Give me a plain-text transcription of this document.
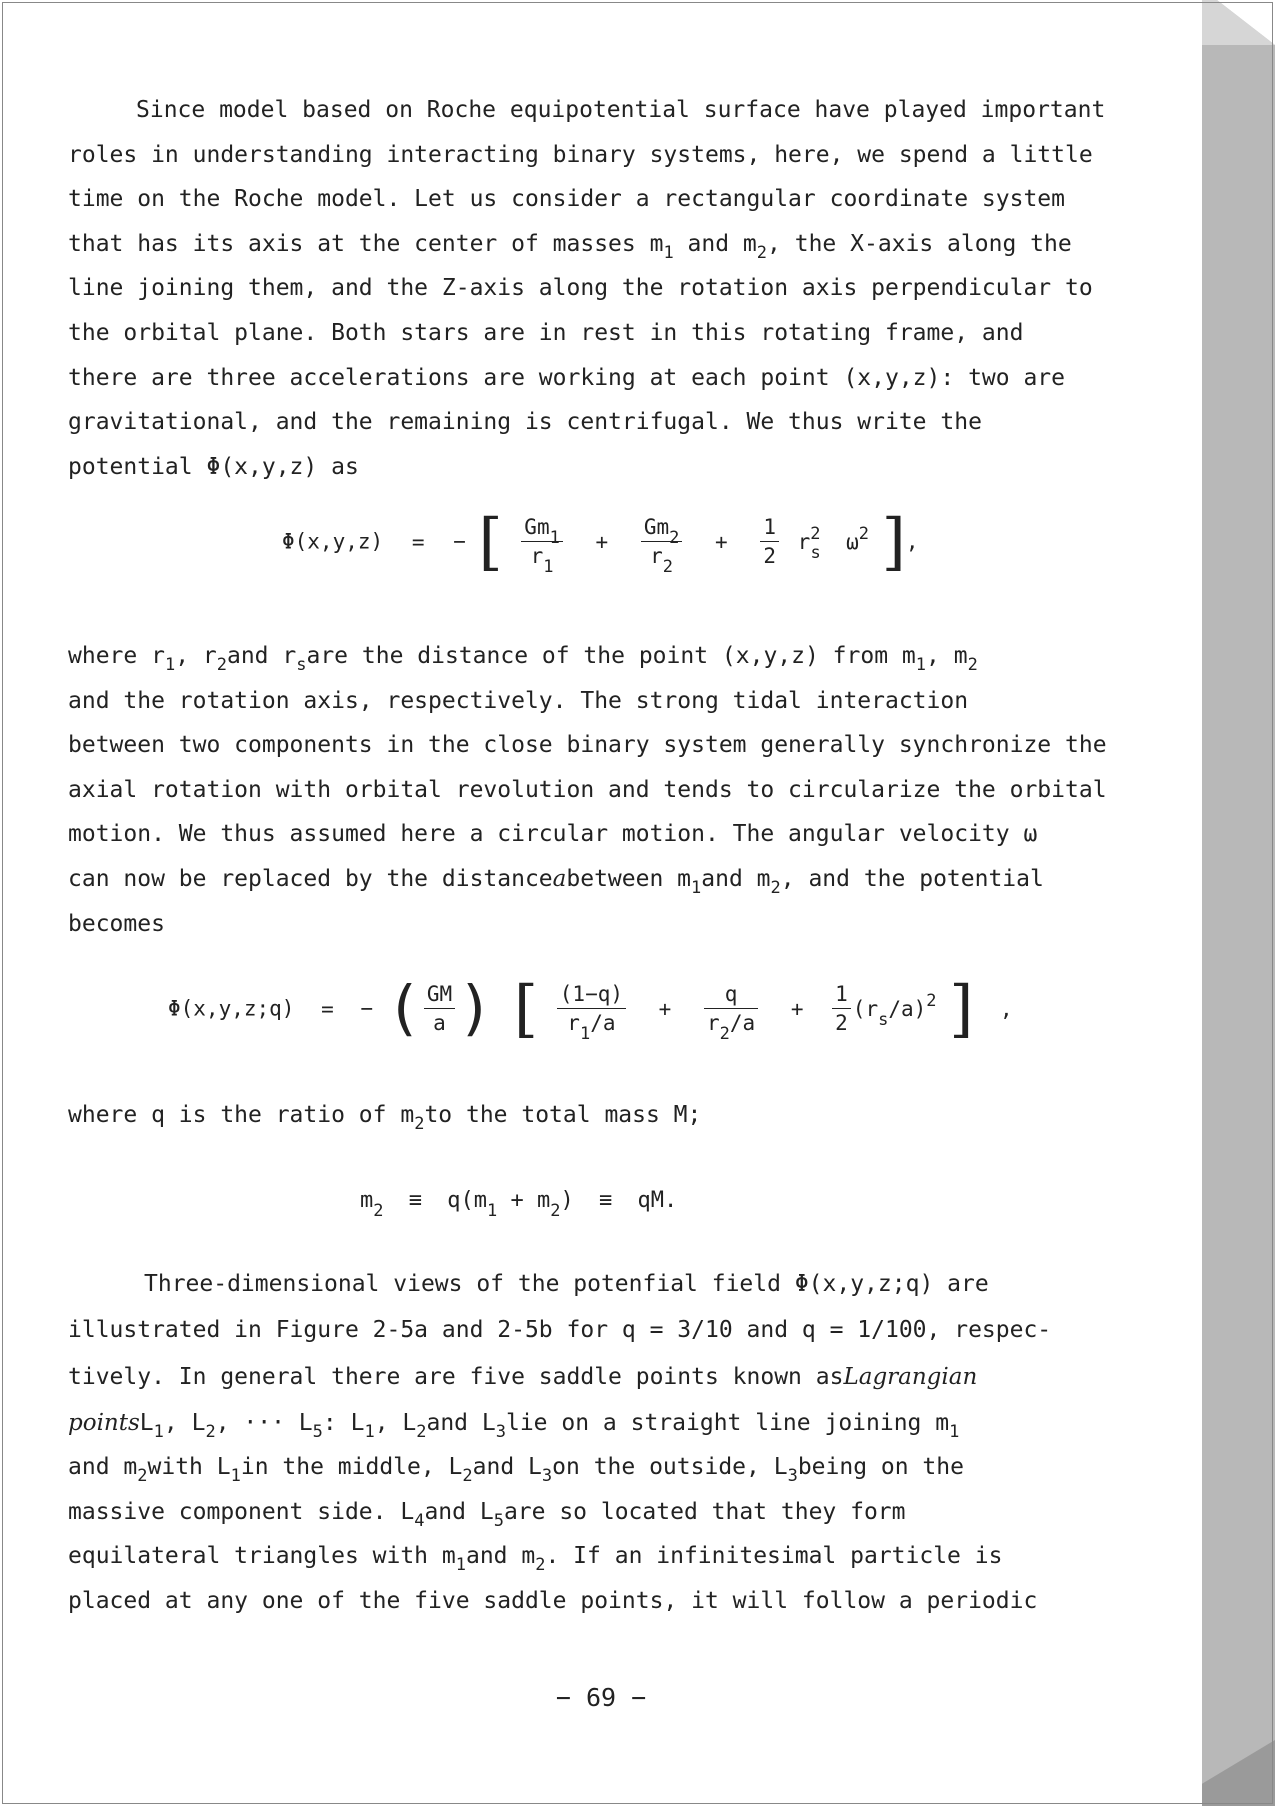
Since model based on Roche equipotential surface have played important
roles in understanding interacting binary systems, here, we spend a little
time on the Roche model. Let us consider a rectangular coordinate system
that has its axis at the center of masses m 1
and m 2 , the X-axis along the
line joining them, and the Z-axis along the rotation axis perpendicular to
the orbital plane. Both stars are in rest in this rotating frame, and
there are three accelerations are working at each point (x,y,z): two are
gravitational, and the remaining is centrifugal. We thus write the
potential Φ(x,y,z) as
Φ(x,y,z) = − [ $\frac{Gm_1}{r_1} + \frac{Gm_2}{r_2} + \frac{1}{2} r^2_s$ $\omega^2$ ],
where r 1 , r 2 and r s are the distance of the point (x,y,z) from m 1 , m 2
and the rotation axis, respectively. The strong tidal interaction
between two components in the close binary system generally synchronize the
axial rotation with orbital revolution and tends to circularize the orbital
motion. We thus assumed here a circular motion. The angular velocity ω
can now be replaced by the distance a between m 1 and m 2 , and the potential
becomes
Φ(x,y,z;q) = − ( $\frac{GM}{a}$ ) [ $\frac{(1-q)}{r_1/a} + \frac{q}{r_2/a} + \frac{1}{2} (r_s/a)^2$ ] ,
where q is the ratio of m 2 to the total mass M;
$m_2 \equiv q(m_1 + m_2)$ ≡ qM.
Three-dimensional views of the potenfial field Φ(x,y,z;q) are
illustrated in Figure 2-5a and 2-5b for q = 3/10 and q = 1/100, respec-
tively. In general there are five saddle points known as Lagrangian
points L 1 , L 2 , ··· L 5 : L 1 , L 2 and L 3 lie on a straight line joining m 1
and m 2 with L 1 in the middle, L 2 and L 3 on the outside, L 3 being on the
massive component side. L 4 and L 5 are so located that they form
equilateral triangles with m 1 and m 2 . If an infinitesimal particle is
placed at any one of the five saddle points, it will follow a periodic
− 69 −
